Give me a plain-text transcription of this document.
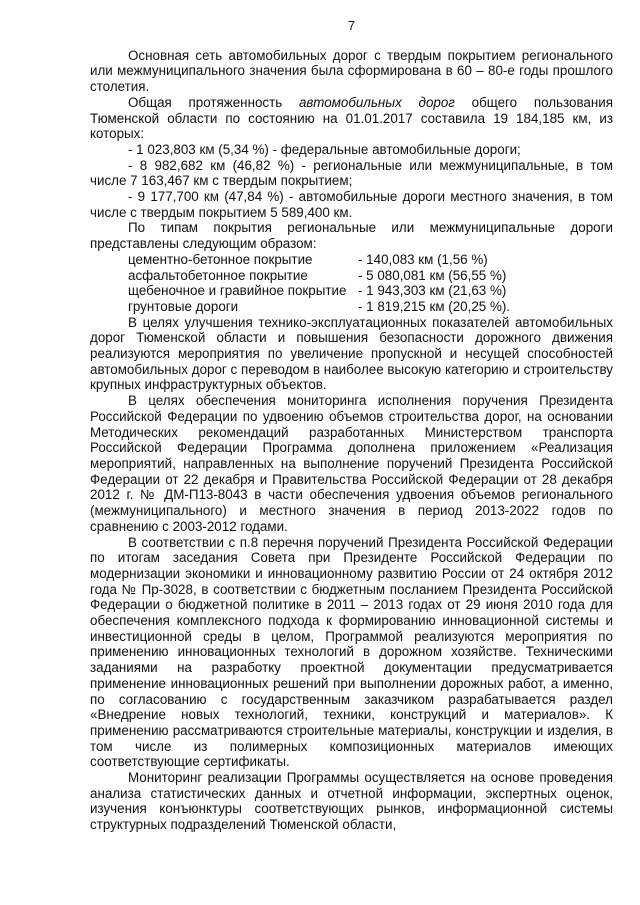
7

Основная сеть автомобильных дорог с твердым покрытием регионального или межмуниципального значения была сформирована в 60 – 80-е годы прошлого столетия.

Общая протяженность автомобильных дорог общего пользования Тюменской области по состоянию на 01.01.2017 составила 19 184,185 км, из которых:

- 1 023,803 км (5,34 %) - федеральные автомобильные дороги;

- 8 982,682 км (46,82 %) - региональные или межмуниципальные, в том числе 7 163,467 км с твердым покрытием;

- 9 177,700 км (47,84 %) - автомобильные дороги местного значения, в том числе с твердым покрытием 5 589,400 км.

По типам покрытия региональные или межмуниципальные дороги представлены следующим образом:

цементно-бетонное покрытие	- 140,083 км (1,56 %)
асфальтобетонное покрытие	- 5 080,081 км (56,55 %)
щебеночное и гравийное покрытие	- 1 943,303 км (21,63 %)
грунтовые дороги	- 1 819,215 км (20,25 %).

В целях улучшения технико-эксплуатационных показателей автомобильных дорог Тюменской области и повышения безопасности дорожного движения реализуются мероприятия по увеличение пропускной и несущей способностей автомобильных дорог с переводом в наиболее высокую категорию и строительству крупных инфраструктурных объектов.

В целях обеспечения мониторинга исполнения поручения Президента Российской Федерации по удвоению объемов строительства дорог, на основании Методических рекомендаций разработанных Министерством транспорта Российской Федерации Программа дополнена приложением «Реализация мероприятий, направленных на выполнение поручений Президента Российской Федерации от 22 декабря и Правительства Российской Федерации от 28 декабря 2012 г. № ДМ-П13-8043 в части обеспечения удвоения объемов регионального (межмуниципального) и местного значения в период 2013-2022 годов по сравнению с 2003-2012 годами.

В соответствии с п.8 перечня поручений Президента Российской Федерации по итогам заседания Совета при Президенте Российской Федерации по модернизации экономики и инновационному развитию России от 24 октября 2012 года № Пр-3028, в соответствии с бюджетным посланием Президента Российской Федерации о бюджетной политике в 2011 – 2013 годах от 29 июня 2010 года для обеспечения комплексного подхода к формированию инновационной системы и инвестиционной среды в целом, Программой реализуются мероприятия по применению инновационных технологий в дорожном хозяйстве. Техническими заданиями на разработку проектной документации предусматривается применение инновационных решений при выполнении дорожных работ, а именно, по согласованию с государственным заказчиком разрабатывается раздел «Внедрение новых технологий, техники, конструкций и материалов». К применению рассматриваются строительные материалы, конструкции и изделия, в том числе из полимерных композиционных материалов имеющих соответствующие сертификаты.

Мониторинг реализации Программы осуществляется на основе проведения анализа статистических данных и отчетной информации, экспертных оценок, изучения конъюнктуры соответствующих рынков, информационной системы структурных подразделений Тюменской области,
